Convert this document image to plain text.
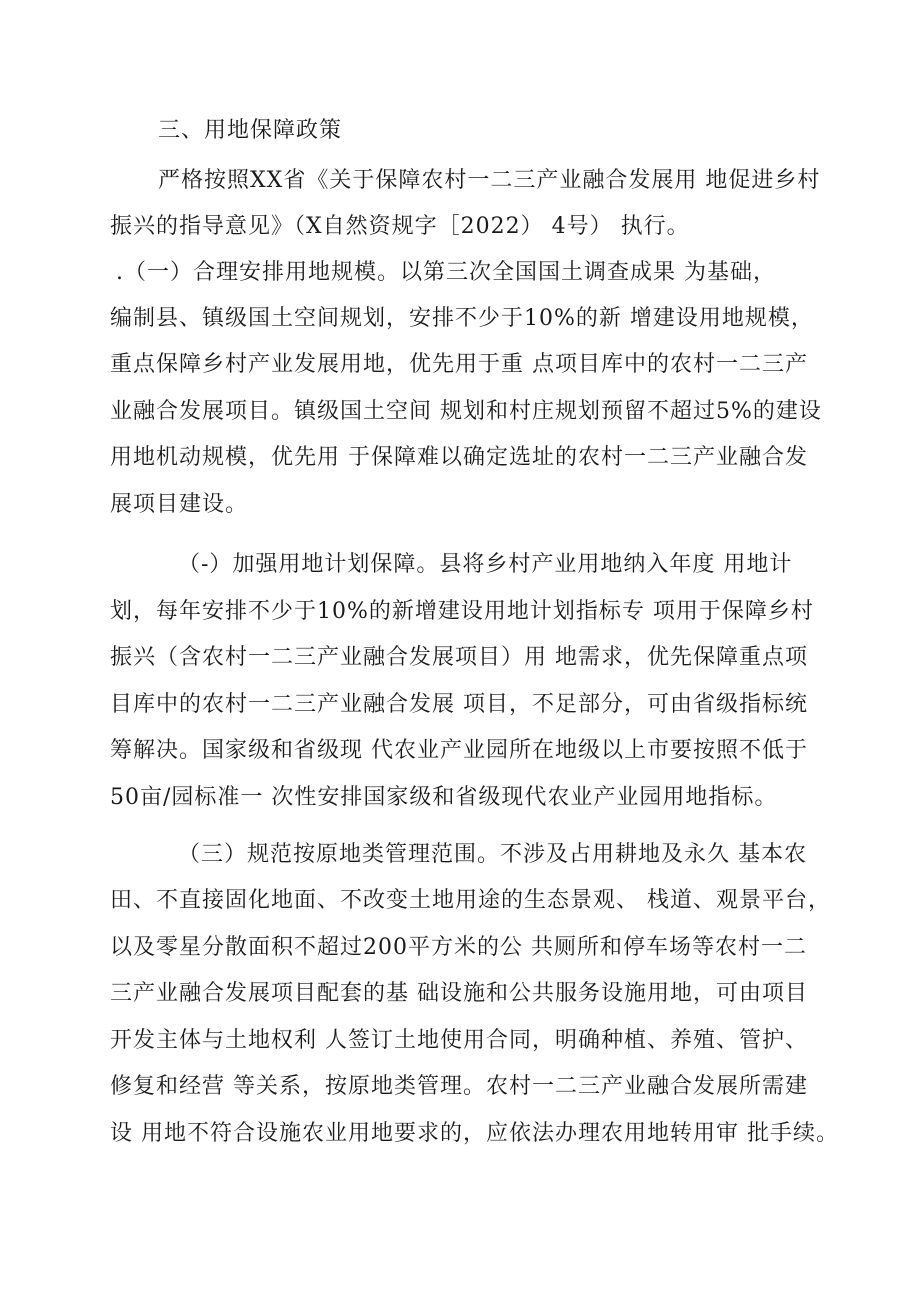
三、用地保障政策
严格按照XX省《关于保障农村一二三产业融合发展用 地促进乡村
振兴的指导意见》（X自然资规字［2022） 4号） 执行。
.（一）合理安排用地规模。以第三次全国国土调查成果 为基础，
编制县、镇级国土空间规划，安排不少于10%的新 增建设用地规模，
重点保障乡村产业发展用地，优先用于重 点项目库中的农村一二三产
业融合发展项目。镇级国土空间 规划和村庄规划预留不超过5%的建设
用地机动规模，优先用 于保障难以确定选址的农村一二三产业融合发
展项目建设。
（-）加强用地计划保障。县将乡村产业用地纳入年度 用地计
划，每年安排不少于10%的新增建设用地计划指标专 项用于保障乡村
振兴（含农村一二三产业融合发展项目）用 地需求，优先保障重点项
目库中的农村一二三产业融合发展 项目，不足部分，可由省级指标统
筹解决。国家级和省级现 代农业产业园所在地级以上市要按照不低于
50亩/园标准一 次性安排国家级和省级现代农业产业园用地指标。
（三）规范按原地类管理范围。不涉及占用耕地及永久 基本农
田、不直接固化地面、不改变土地用途的生态景观、 栈道、观景平台，
以及零星分散面积不超过200平方米的公 共厕所和停车场等农村一二
三产业融合发展项目配套的基 础设施和公共服务设施用地，可由项目
开发主体与土地权利 人签订土地使用合同，明确种植、养殖、管护、
修复和经营 等关系，按原地类管理。农村一二三产业融合发展所需建
设 用地不符合设施农业用地要求的，应依法办理农用地转用审 批手续。
